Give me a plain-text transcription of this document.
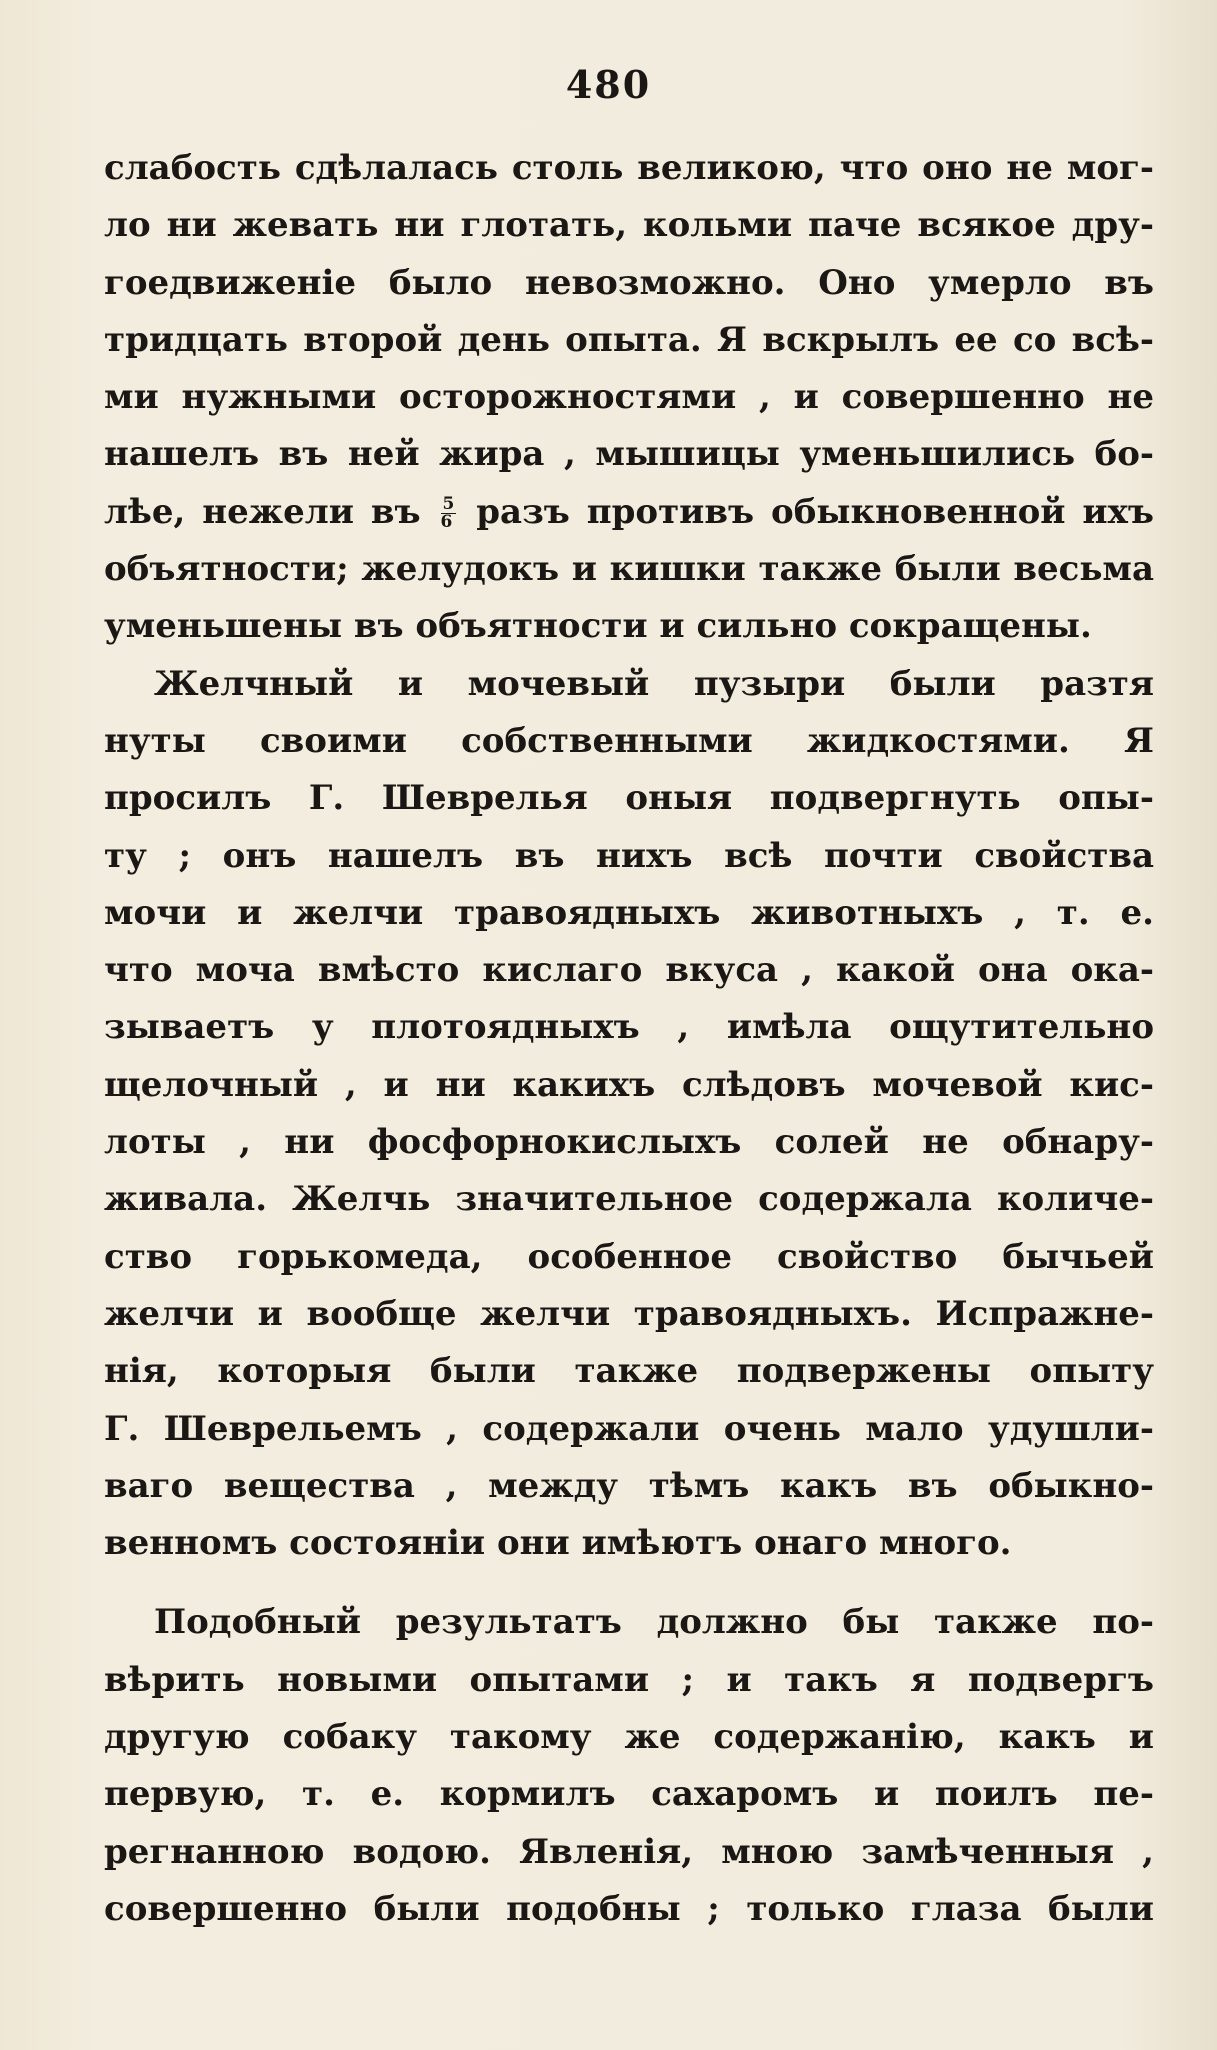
480
слабость сдѣлалась столь великою, что оно не мог-
ло ни жевать ни глотать, кольми паче всякое дру-
гоедвиженіе было невозможно. Оно умерло въ
тридцать второй день опыта. Я вскрылъ ее со всѣ-
ми нужными осторожностями , и совершенно не
нашелъ въ ней жира , мышицы уменьшились бо-
лѣе, нежели въ $\frac{5}{6}$ разъ противъ обыкновенной ихъ
объятности; желудокъ и кишки также были весьма
уменьшены въ объятности и сильно сокращены.
Желчный и мочевый пузыри были разтя
нуты своими собственными жидкостями. Я
просилъ Г. Шеврелья оныя подвергнуть опы-
ту ; онъ нашелъ въ нихъ всѣ почти свойства
мочи и желчи травоядныхъ животныхъ , т. е.
что моча вмѣсто кислаго вкуса , какой она ока-
зываетъ у плотоядныхъ , имѣла ощутительно
щелочный , и ни какихъ слѣдовъ мочевой кис-
лоты , ни фосфорнокислыхъ солей не обнару-
живала. Желчь значительное содержала количе-
ство горькомеда, особенное свойство бычьей
желчи и вообще желчи травоядныхъ. Испражне-
нія, которыя были также подвержены опыту
Г. Шеврельемъ , содержали очень мало удушли-
ваго вещества , между тѣмъ какъ въ обыкно-
венномъ состояніи они имѣютъ онаго много.
Подобный результатъ должно бы также по-
вѣрить новыми опытами ; и такъ я подвергъ
другую собаку такому же содержанію, какъ и
первую, т. е. кормилъ сахаромъ и поилъ пе-
регнанною водою. Явленія, мною замѣченныя ,
совершенно были подобны ; только глаза были
